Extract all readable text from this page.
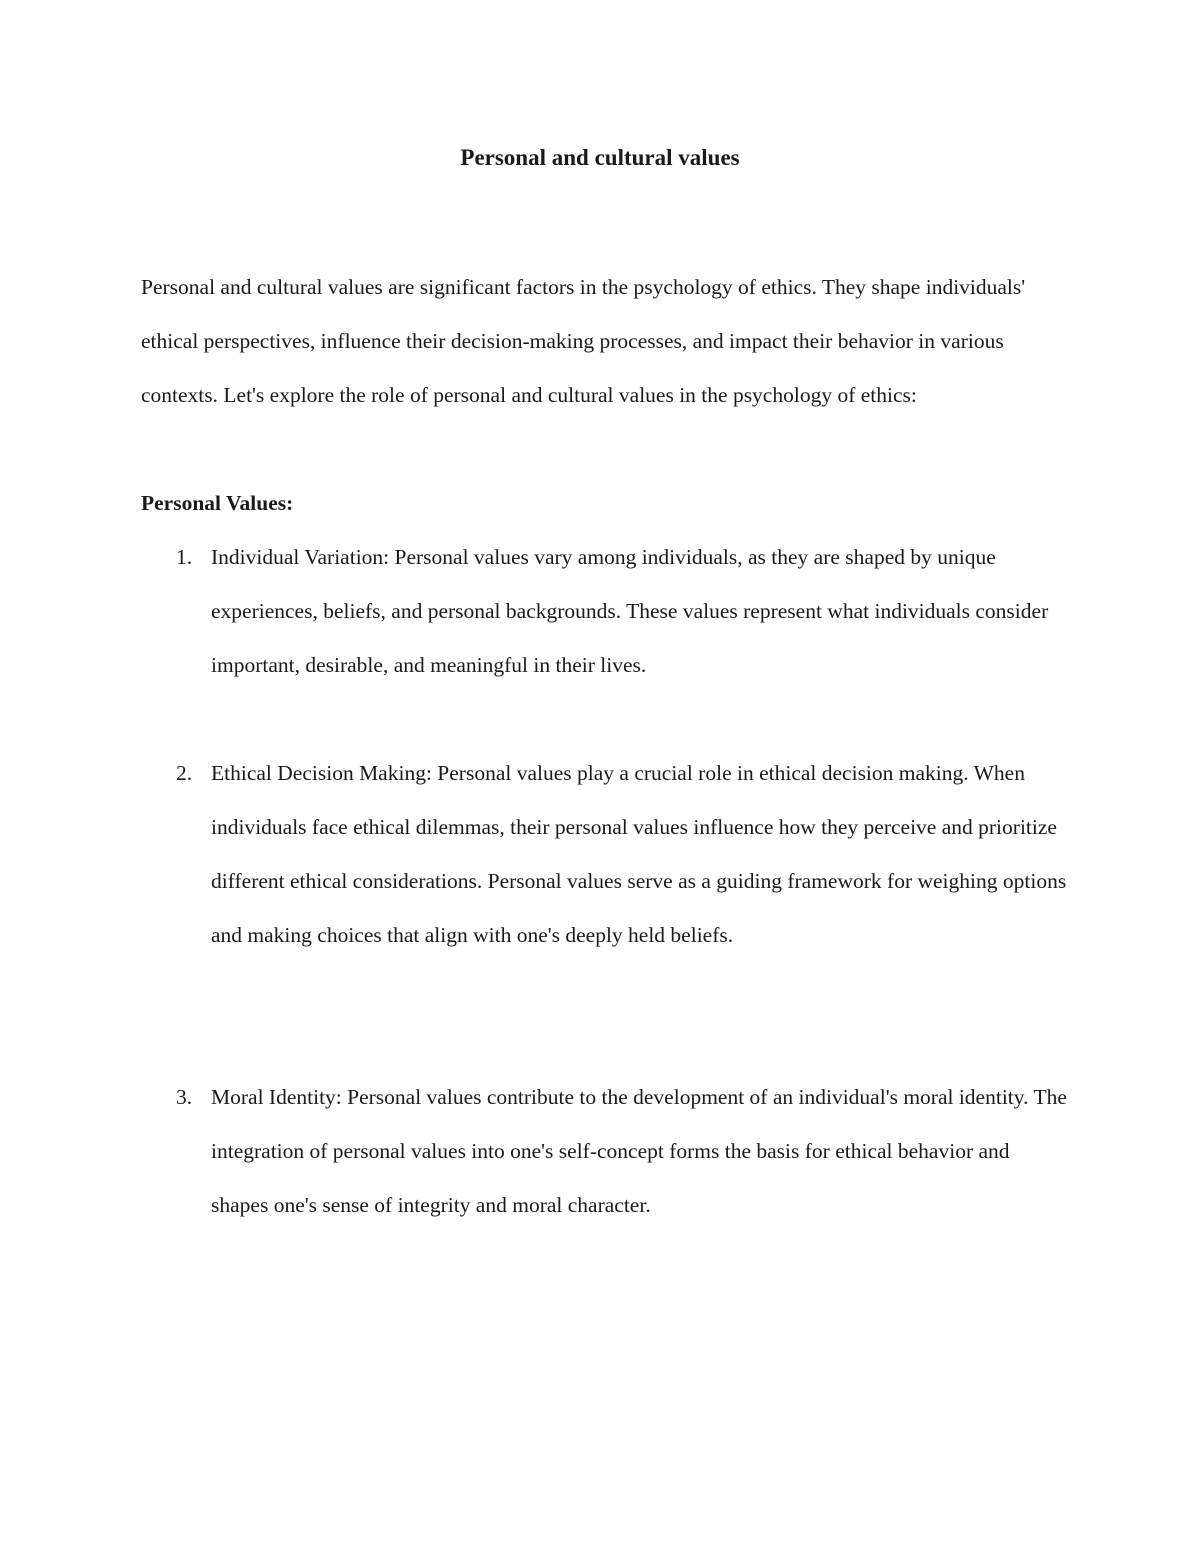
Personal and cultural values

Personal and cultural values are significant factors in the psychology of ethics. They shape individuals' ethical perspectives, influence their decision-making processes, and impact their behavior in various contexts. Let's explore the role of personal and cultural values in the psychology of ethics:

Personal Values:

1. Individual Variation: Personal values vary among individuals, as they are shaped by unique experiences, beliefs, and personal backgrounds. These values represent what individuals consider important, desirable, and meaningful in their lives.

2. Ethical Decision Making: Personal values play a crucial role in ethical decision making. When individuals face ethical dilemmas, their personal values influence how they perceive and prioritize different ethical considerations. Personal values serve as a guiding framework for weighing options and making choices that align with one's deeply held beliefs.

3. Moral Identity: Personal values contribute to the development of an individual's moral identity. The integration of personal values into one's self-concept forms the basis for ethical behavior and shapes one's sense of integrity and moral character.
